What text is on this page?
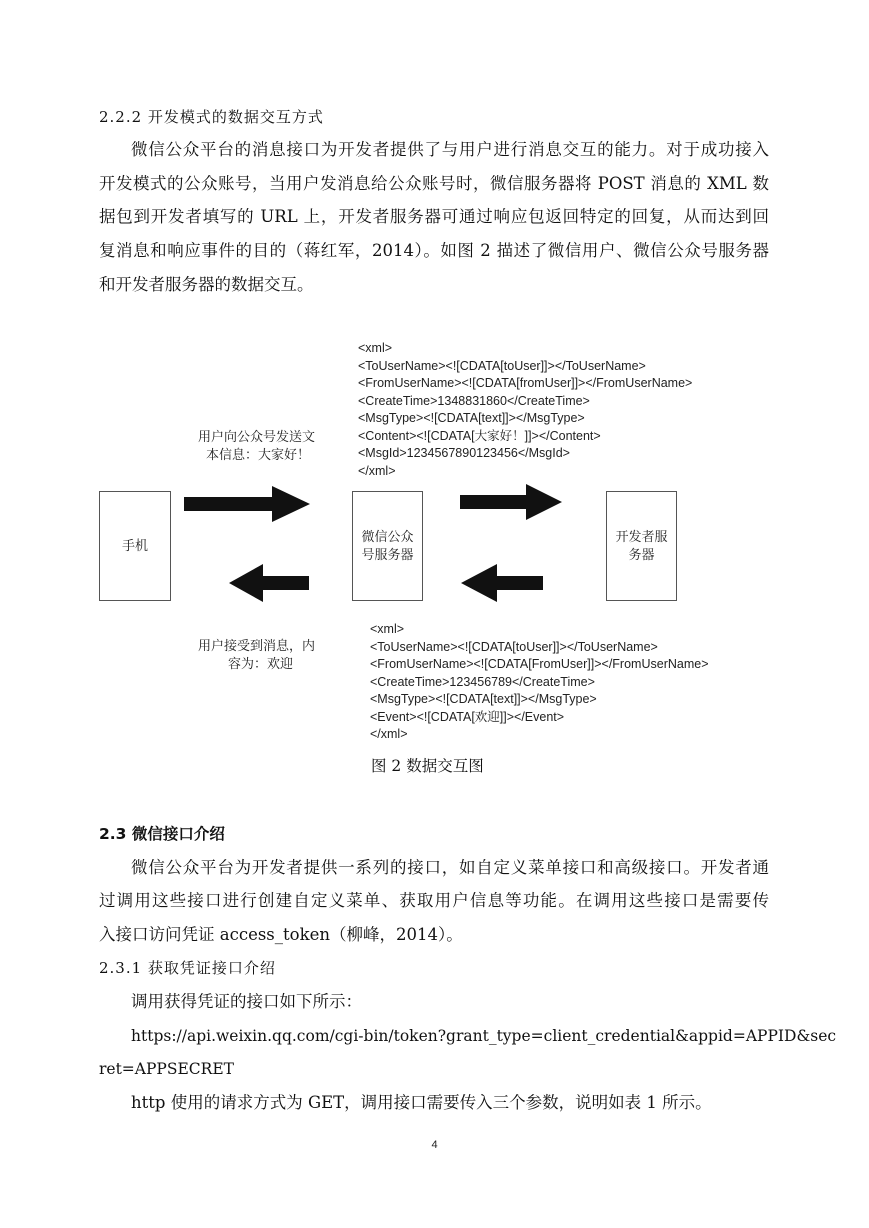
2.2.2 开发模式的数据交互方式
微信公众平台的消息接口为开发者提供了与用户进行消息交互的能力。对于成功接入
开发模式的公众账号，当用户发消息给公众账号时，微信服务器将 POST 消息的 XML 数
据包到开发者填写的 URL 上，开发者服务器可通过响应包返回特定的回复，从而达到回
复消息和响应事件的目的（蒋红军，2014）。如图 2 描述了微信用户、微信公众号服务器
和开发者服务器的数据交互。
<xml>
<ToUserName><![CDATA[toUser]]></ToUserName>
<FromUserName><![CDATA[fromUser]]></FromUserName>
<CreateTime>1348831860</CreateTime>
<MsgType><![CDATA[text]]></MsgType>
<Content><![CDATA[大家好！]]></Content>
<MsgId>1234567890123456</MsgId>
</xml>
用户向公众号发送文
本信息：大家好！
手机
微信公众
号服务器
开发者服
务器
用户接受到消息，内
容为：欢迎
<xml>
<ToUserName><![CDATA[toUser]]></ToUserName>
<FromUserName><![CDATA[FromUser]]></FromUserName>
<CreateTime>123456789</CreateTime>
<MsgType><![CDATA[text]]></MsgType>
<Event><![CDATA[欢迎]]></Event>
</xml>
图 2 数据交互图
2.3 微信接口介绍
微信公众平台为开发者提供一系列的接口，如自定义菜单接口和高级接口。开发者通
过调用这些接口进行创建自定义菜单、获取用户信息等功能。在调用这些接口是需要传
入接口访问凭证 access_token（柳峰，2014）。
2.3.1 获取凭证接口介绍
调用获得凭证的接口如下所示：
https://api.weixin.qq.com/cgi-bin/token?grant_type=client_credential&appid=APPID&sec
ret=APPSECRET
http 使用的请求方式为 GET，调用接口需要传入三个参数，说明如表 1 所示。
4
